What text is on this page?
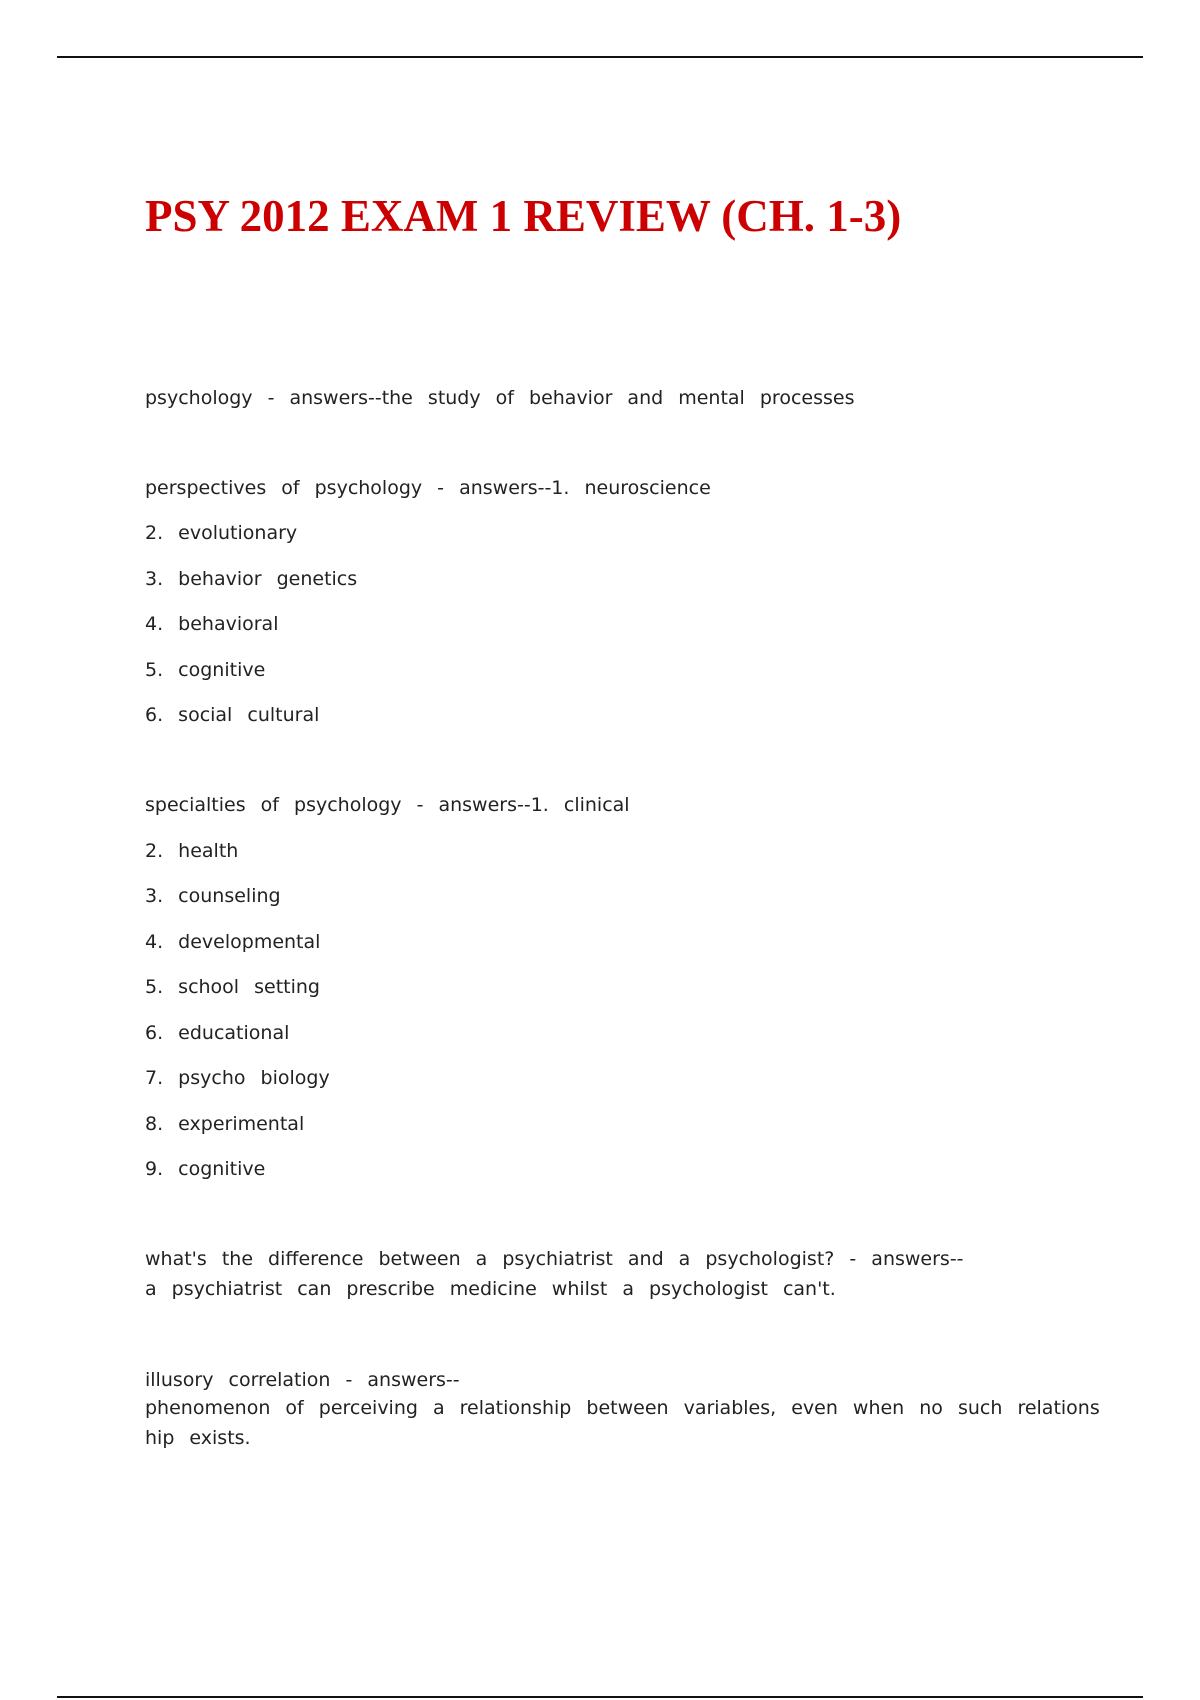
PSY 2012 EXAM 1 REVIEW (CH. 1-3)
psychology - answers--the study of behavior and mental processes
perspectives of psychology - answers--1. neuroscience
2. evolutionary
3. behavior genetics
4. behavioral
5. cognitive
6. social cultural
specialties of psychology - answers--1. clinical
2. health
3. counseling
4. developmental
5. school setting
6. educational
7. psycho biology
8. experimental
9. cognitive
what's the difference between a psychiatrist and a psychologist? - answers--
a psychiatrist can prescribe medicine whilst a psychologist can't.
illusory correlation - answers--
phenomenon of perceiving a relationship between variables, even when no such relations
hip exists.
